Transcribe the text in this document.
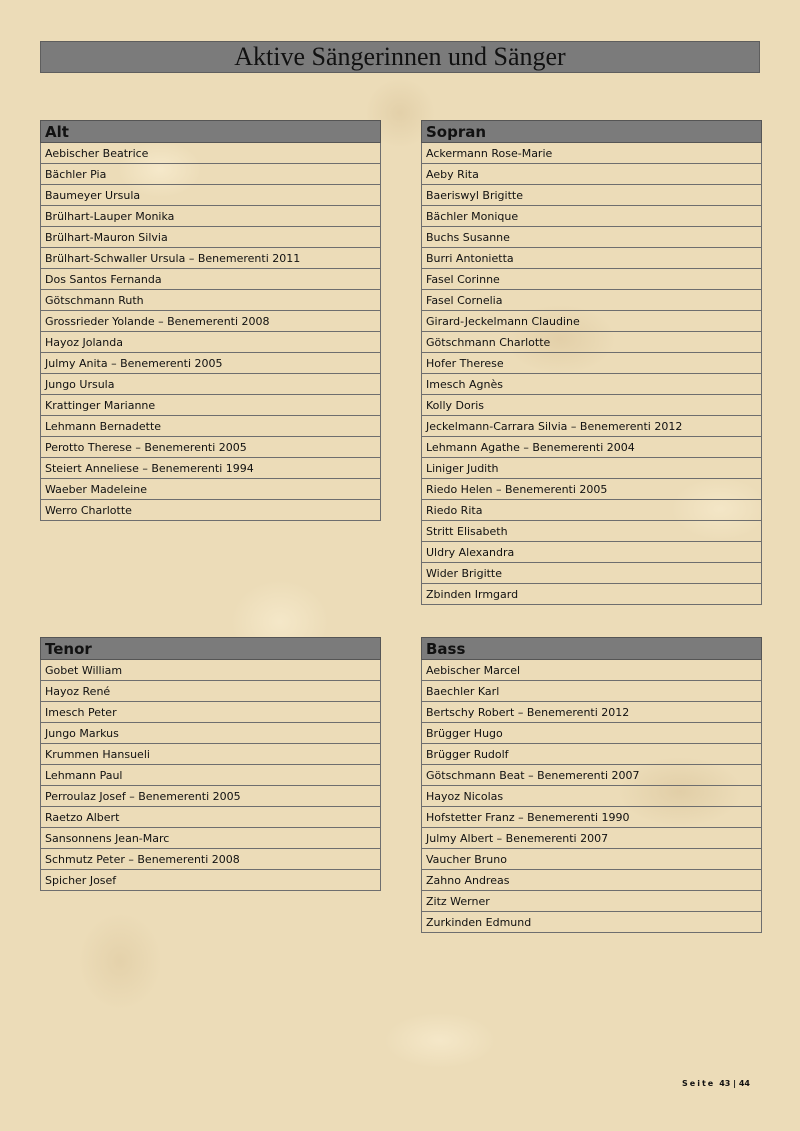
Aktive Sängerinnen und Sänger
Alt
Aebischer Beatrice
Bächler Pia
Baumeyer Ursula
Brülhart-Lauper Monika
Brülhart-Mauron Silvia
Brülhart-Schwaller Ursula – Benemerenti 2011
Dos Santos Fernanda
Götschmann Ruth
Grossrieder Yolande – Benemerenti 2008
Hayoz Jolanda
Julmy Anita – Benemerenti 2005
Jungo Ursula
Krattinger Marianne
Lehmann Bernadette
Perotto Therese – Benemerenti 2005
Steiert Anneliese – Benemerenti 1994
Waeber Madeleine
Werro Charlotte
Sopran
Ackermann Rose-Marie
Aeby Rita
Baeriswyl Brigitte
Bächler Monique
Buchs Susanne
Burri Antonietta
Fasel Corinne
Fasel Cornelia
Girard-Jeckelmann Claudine
Götschmann Charlotte
Hofer Therese
Imesch Agnès
Kolly Doris
Jeckelmann-Carrara Silvia – Benemerenti 2012
Lehmann Agathe – Benemerenti 2004
Liniger Judith
Riedo Helen – Benemerenti 2005
Riedo Rita
Stritt Elisabeth
Uldry Alexandra
Wider Brigitte
Zbinden Irmgard
Tenor
Gobet William
Hayoz René
Imesch Peter
Jungo Markus
Krummen Hansueli
Lehmann Paul
Perroulaz Josef – Benemerenti 2005
Raetzo Albert
Sansonnens Jean-Marc
Schmutz Peter – Benemerenti 2008
Spicher Josef
Bass
Aebischer Marcel
Baechler Karl
Bertschy Robert – Benemerenti 2012
Brügger Hugo
Brügger Rudolf
Götschmann Beat – Benemerenti 2007
Hayoz Nicolas
Hofstetter Franz – Benemerenti 1990
Julmy Albert – Benemerenti 2007
Vaucher Bruno
Zahno Andreas
Zitz Werner
Zurkinden Edmund
Seite 43 | 44
